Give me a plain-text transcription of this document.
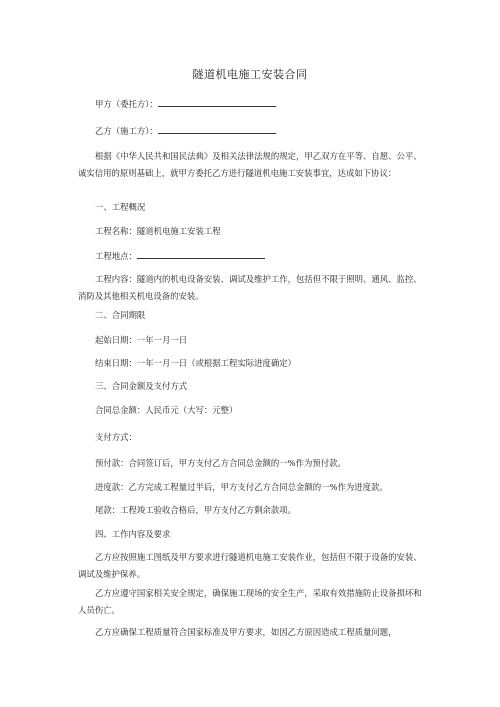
隧道机电施工安装合同

甲方（委托方）：

乙方（施工方）：

根据《中华人民共和国民法典》及相关法律法规的规定，甲乙双方在平等、自愿、公平、诚实信用的原则基础上，就甲方委托乙方进行隧道机电施工安装事宜，达成如下协议：

一、工程概况

工程名称：隧道机电施工安装工程

工程地点：

工程内容：隧道内的机电设备安装、调试及维护工作，包括但不限于照明、通风、监控、消防及其他相关机电设备的安装。

二、合同期限

起始日期：一年一月一日

结束日期：一年一月一日（或根据工程实际进度确定）

三、合同金额及支付方式

合同总金额：人民币元（大写：元整）

支付方式：

预付款：合同签订后，甲方支付乙方合同总金额的一%作为预付款。

进度款：乙方完成工程量过半后，甲方支付乙方合同总金额的一%作为进度款。

尾款：工程竣工验收合格后，甲方支付乙方剩余款项。

四、工作内容及要求

乙方应按照施工图纸及甲方要求进行隧道机电施工安装作业，包括但不限于设备的安装、调试及维护保养。

乙方应遵守国家相关安全规定，确保施工现场的安全生产，采取有效措施防止设备损坏和人员伤亡。

乙方应确保工程质量符合国家标准及甲方要求，如因乙方原因造成工程质量问题，
